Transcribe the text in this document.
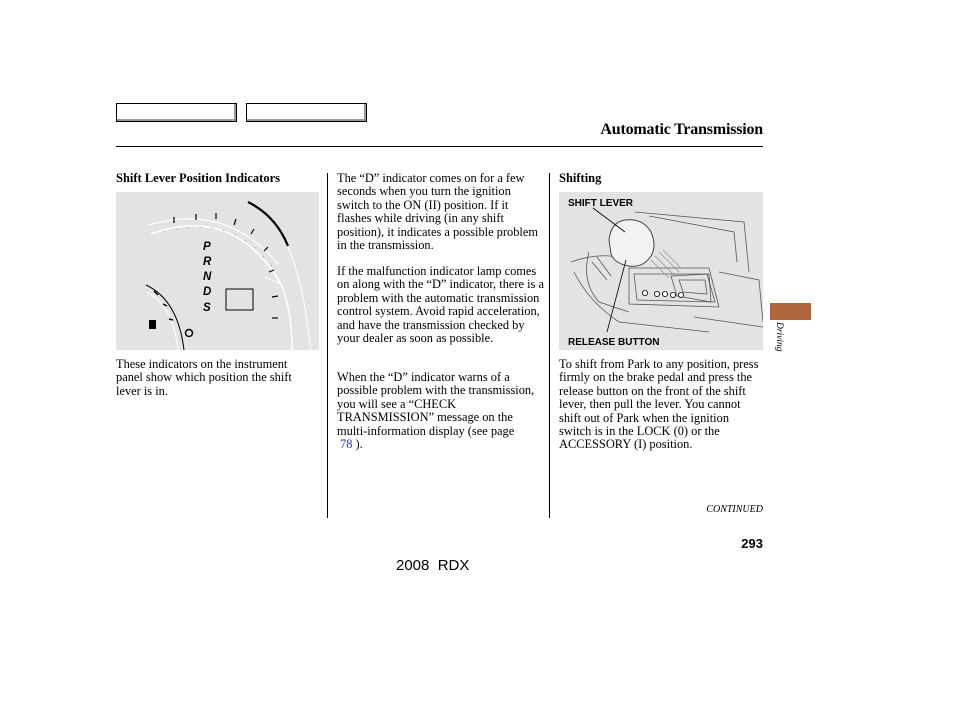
Automatic Transmission
Shift Lever Position Indicators
P
R
N
D
S

These indicators on the instrument panel show which position the shift lever is in.

The “D” indicator comes on for a few seconds when you turn the ignition switch to the ON (II) position. If it flashes while driving (in any shift position), it indicates a possible problem in the transmission.

If the malfunction indicator lamp comes on along with the “D” indicator, there is a problem with the automatic transmission control system. Avoid rapid acceleration, and have the transmission checked by your dealer as soon as possible.

When the “D” indicator warns of a possible problem with the transmission, you will see a “CHECK TRANSMISSION” message on the multi-information display (see page
78 ).

Shifting
SHIFT LEVER
RELEASE BUTTON

To shift from Park to any position, press firmly on the brake pedal and press the release button on the front of the shift lever, then pull the lever. You cannot shift out of Park when the ignition switch is in the LOCK (0) or the ACCESSORY (I) position.

Driving
CONTINUED
293
2008  RDX
